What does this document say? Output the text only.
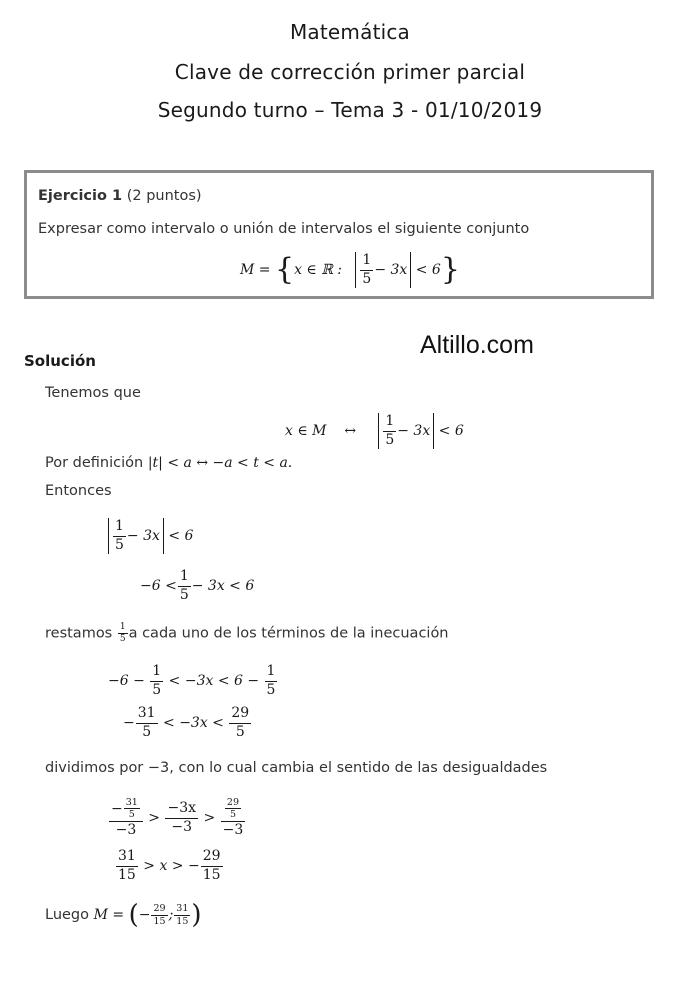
Matemática
Clave de corrección primer parcial
Segundo turno – Tema 3 - 01/10/2019
Ejercicio 1 (2 puntos)
Expresar como intervalo o unión de intervalos el siguiente conjunto
M = {x ∈ ℝ : $\frac{1}{5} - 3x < 6$}
Altillo.com
Solución
Tenemos que
x ∈ M ↔ $\frac{1}{5} - 3x < 6$
Por definición |t| < a ↔ −a < t < a.
Entonces
$\frac{1}{5} - 3x < 6$
$-6 < \frac{1}{5} - 3x < 6$
restamos $\frac{1}{5}$ a cada uno de los términos de la inecuación
$-6 - \frac{1}{5} < -3x < 6 - \frac{1}{5}$
− $\frac{31}{5} < -3x < \frac{29}{5}$
dividimos por −3, con lo cual cambia el sentido de las desigualdades
$\frac{- \frac{31}{5}}{-3} > \frac{-3x}{-3} > \frac{\frac{29}{5}}{-3}$
$\frac{31}{15} > x$ > − $\frac{29}{15}$
Luego M = (− $\frac{29}{15}$ ; $\frac{31}{15}$ )
